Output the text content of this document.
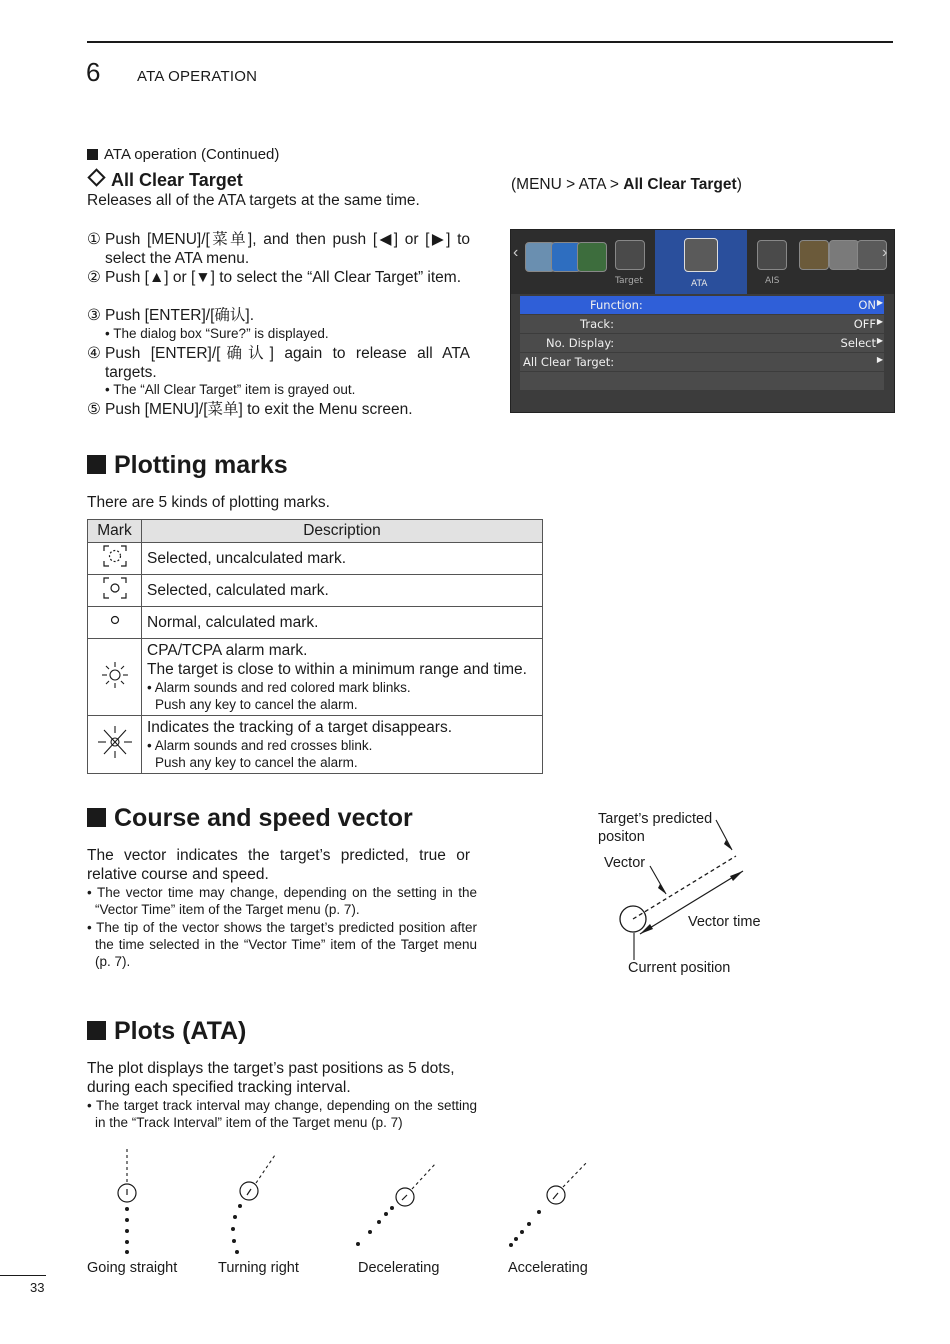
6 ATA OPERATION
ATA operation (Continued)
All Clear Target
Releases all of the ATA targets at the same time.
(MENU > ATA > All Clear Target)
① Push [MENU]/[菜单], and then push [◀] or [▶] to select the ATA menu.
② Push [▲] or [▼] to select the “All Clear Target” item.
③ Push [ENTER]/[确认].
• The dialog box “Sure?” is displayed.
④ Push [ENTER]/[确认] again to release all ATA targets.
• The “All Clear Target” item is grayed out.
⑤ Push [MENU]/[菜单] to exit the Menu screen.
‹
Target	ATA	AIS
›
Function:	ON ▶
Track:	OFF ▶
No. Display:	Select ▶
All Clear Target:	▶
Plotting marks
There are 5 kinds of plotting marks.
Mark	Description
	Selected, uncalculated mark.
	Selected, calculated mark.
	Normal, calculated mark.

CPA/TCPA alarm mark.
The target is close to within a minimum range and time.
• Alarm sounds and red colored mark blinks.
Push any key to cancel the alarm.

Indicates the tracking of a target disappears.
• Alarm sounds and red crosses blink.
Push any key to cancel the alarm.
Course and speed vector
The vector indicates the target’s predicted, true or relative course and speed.
• The vector time may change, depending on the setting in the “Vector Time” item of the Target menu (p. 7).
• The tip of the vector shows the target’s predicted position after the time selected in the “Vector Time” item of the Target menu (p. 7).
Target’s predicted
positon
Vector
Vector time
Current position
Plots (ATA)
The plot displays the target’s past positions as 5 dots, during each specified tracking interval.
• The target track interval may change, depending on the setting in the “Track Interval” item of the Target menu (p. 7)
Going straight	Turning right	Decelerating	Accelerating
33
